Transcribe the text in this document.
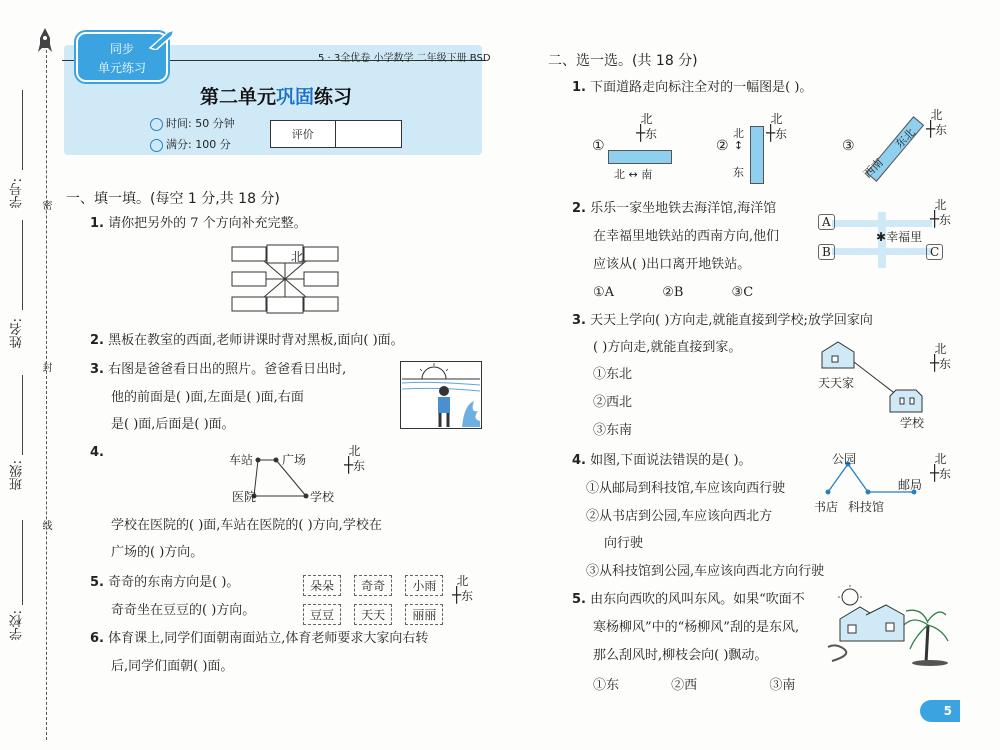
学号:	密
姓名:
封
班级:
线
学校:
同步
单元练习
5 · 3全优卷 小学数学 二年级下册 BSD
第二单元巩固练习
时间: 50 分钟
满分: 100 分
评价
一、填一填。(每空 1 分,共 18 分)
1. 请你把另外的 7 个方向补充完整。
北
2. 黑板在教室的西面,老师讲课时背对黑板,面向( )面。
3. 右图是爸爸看日出的照片。爸爸看日出时,
他的前面是( )面,左面是( )面,右面
是( )面,后面是( )面。
4.	车站 广场
医院	学校
北
┼东
学校在医院的( )面,车站在医院的( )方向,学校在
广场的( )方向。
5. 奇奇的东南方向是( )。
奇奇坐在豆豆的( )方向。
朵朵 奇奇 小雨
豆豆 天天 丽丽
北
┼东
6. 体育课上,同学们面朝南面站立,体育老师要求大家向右转
后,同学们面朝( )面。
二、选一选。(共 18 分)
1. 下面道路走向标注全对的一幅图是( )。
①
北 ↔ 南
北
┼东
②
北
↕
东
北
┼东
③
西南
东北
北
┼东
2. 乐乐一家坐地铁去海洋馆,海洋馆
在幸福里地铁站的西南方向,他们
应该从( )出口离开地铁站。
①A	②B	③C
A
B	C
✱幸福里
北
┼东
3. 天天上学向( )方向走,就能直接到学校;放学回家向
( )方向走,就能直接到家。
①东北
②西北
③东南
天天家
学校
北
┼东
4. 如图,下面说法错误的是( )。
①从邮局到科技馆,车应该向西行驶
②从书店到公园,车应该向西北方
向行驶
③从科技馆到公园,车应该向西北方向行驶
公园
邮局
书店 科技馆
北
┼东
5. 由东向西吹的风叫东风。如果“吹面不
寒杨柳风”中的“杨柳风”刮的是东风,
那么刮风时,柳枝会向( )飘动。
①东	②西	③南
5
